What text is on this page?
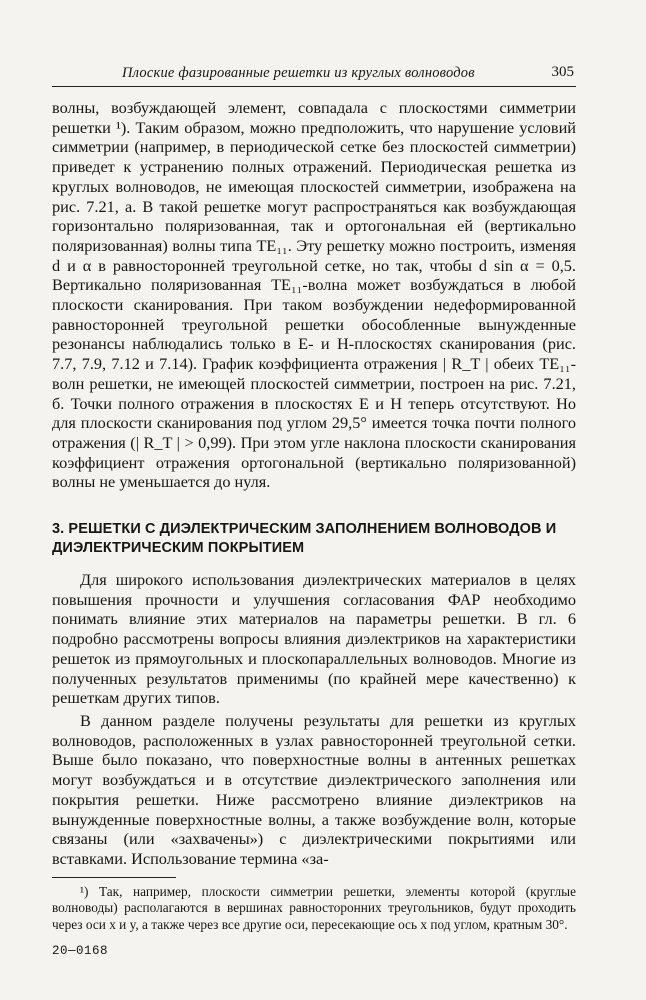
Плоские фазированные решетки из круглых волноводов	305

волны, возбуждающей элемент, совпадала с плоскостями симметрии решетки ¹). Таким образом, можно предположить, что нарушение условий симметрии (например, в периодической сетке без плоскостей симметрии) приведет к устранению полных отражений. Периодическая решетка из круглых волноводов, не имеющая плоскостей симметрии, изображена на рис. 7.21, а. В такой решетке могут распространяться как возбуждающая горизонтально поляризованная, так и ортогональная ей (вертикально поляризованная) волны типа TE₁₁. Эту решетку можно построить, изменяя d и α в равносторонней треугольной сетке, но так, чтобы d sin α = 0,5. Вертикально поляризованная TE₁₁-волна может возбуждаться в любой плоскости сканирования. При таком возбуждении недеформированной равносторонней треугольной решетки обособленные вынужденные резонансы наблюдались только в E- и H-плоскостях сканирования (рис. 7.7, 7.9, 7.12 и 7.14). График коэффициента отражения | R_T | обеих TE₁₁-волн решетки, не имеющей плоскостей симметрии, построен на рис. 7.21, б. Точки полного отражения в плоскостях E и H теперь отсутствуют. Но для плоскости сканирования под углом 29,5° имеется точка почти полного отражения (| R_T | > 0,99). При этом угле наклона плоскости сканирования коэффициент отражения ортогональной (вертикально поляризованной) волны не уменьшается до нуля.

3. РЕШЕТКИ С ДИЭЛЕКТРИЧЕСКИМ ЗАПОЛНЕНИЕМ ВОЛНОВОДОВ И ДИЭЛЕКТРИЧЕСКИМ ПОКРЫТИЕМ

Для широкого использования диэлектрических материалов в целях повышения прочности и улучшения согласования ФАР необходимо понимать влияние этих материалов на параметры решетки. В гл. 6 подробно рассмотрены вопросы влияния диэлектриков на характеристики решеток из прямоугольных и плоскопараллельных волноводов. Многие из полученных результатов применимы (по крайней мере качественно) к решеткам других типов.

В данном разделе получены результаты для решетки из круглых волноводов, расположенных в узлах равносторонней треугольной сетки. Выше было показано, что поверхностные волны в антенных решетках могут возбуждаться и в отсутствие диэлектрического заполнения или покрытия решетки. Ниже рассмотрено влияние диэлектриков на вынужденные поверхностные волны, а также возбуждение волн, которые связаны (или «захвачены») с диэлектрическими покрытиями или вставками. Использование термина «за-

¹) Так, например, плоскости симметрии решетки, элементы которой (круглые волноводы) располагаются в вершинах равносторонних треугольников, будут проходить через оси x и y, а также через все другие оси, пересекающие ось x под углом, кратным 30°.

20—0168
